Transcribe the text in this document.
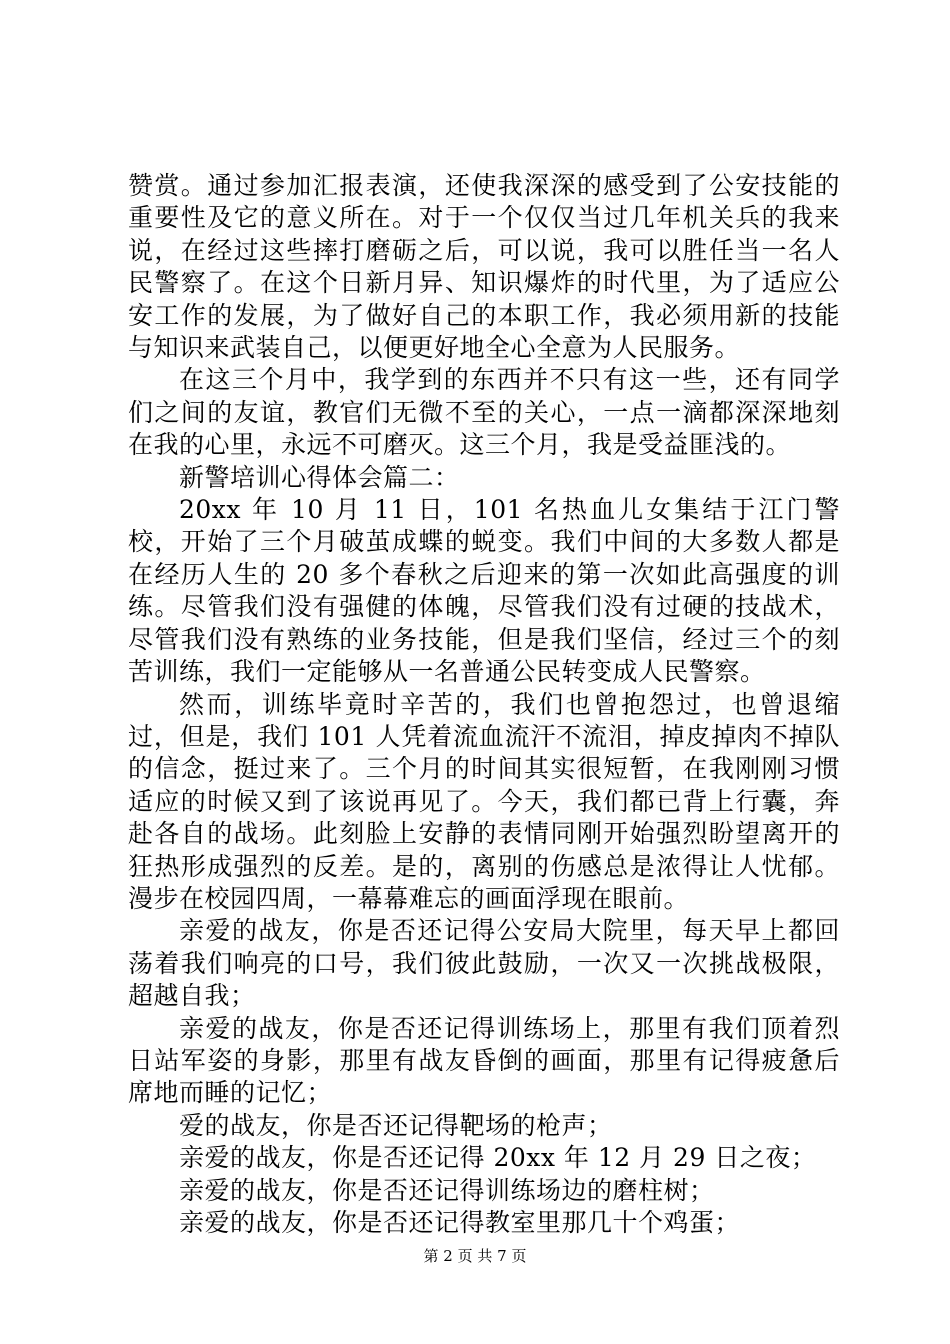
赞赏。通过参加汇报表演，还使我深深的感受到了公安技能的重要性及它的意义所在。对于一个仅仅当过几年机关兵的我来说，在经过这些摔打磨砺之后，可以说，我可以胜任当一名人民警察了。在这个日新月异、知识爆炸的时代里，为了适应公安工作的发展，为了做好自己的本职工作，我必须用新的技能与知识来武装自己，以便更好地全心全意为人民服务。

在这三个月中，我学到的东西并不只有这一些，还有同学们之间的友谊，教官们无微不至的关心，一点一滴都深深地刻在我的心里，永远不可磨灭。这三个月，我是受益匪浅的。

新警培训心得体会篇二：

20xx 年 10 月 11 日，101 名热血儿女集结于江门警校，开始了三个月破茧成蝶的蜕变。我们中间的大多数人都是在经历人生的 20 多个春秋之后迎来的第一次如此高强度的训练。尽管我们没有强健的体魄，尽管我们没有过硬的技战术，尽管我们没有熟练的业务技能，但是我们坚信，经过三个的刻苦训练，我们一定能够从一名普通公民转变成人民警察。

然而，训练毕竟时辛苦的，我们也曾抱怨过，也曾退缩过，但是，我们 101 人凭着流血流汗不流泪，掉皮掉肉不掉队的信念，挺过来了。三个月的时间其实很短暂，在我刚刚习惯适应的时候又到了该说再见了。今天，我们都已背上行囊，奔赴各自的战场。此刻脸上安静的表情同刚开始强烈盼望离开的狂热形成强烈的反差。是的，离别的伤感总是浓得让人忧郁。漫步在校园四周，一幕幕难忘的画面浮现在眼前。

亲爱的战友，你是否还记得公安局大院里，每天早上都回荡着我们响亮的口号，我们彼此鼓励，一次又一次挑战极限，超越自我；

亲爱的战友，你是否还记得训练场上，那里有我们顶着烈日站军姿的身影，那里有战友昏倒的画面，那里有记得疲惫后席地而睡的记忆；

爱的战友，你是否还记得靶场的枪声；

亲爱的战友，你是否还记得 20xx 年 12 月 29 日之夜；

亲爱的战友，你是否还记得训练场边的磨柱树；

亲爱的战友，你是否还记得教室里那几十个鸡蛋；

第 2 页 共 7 页
